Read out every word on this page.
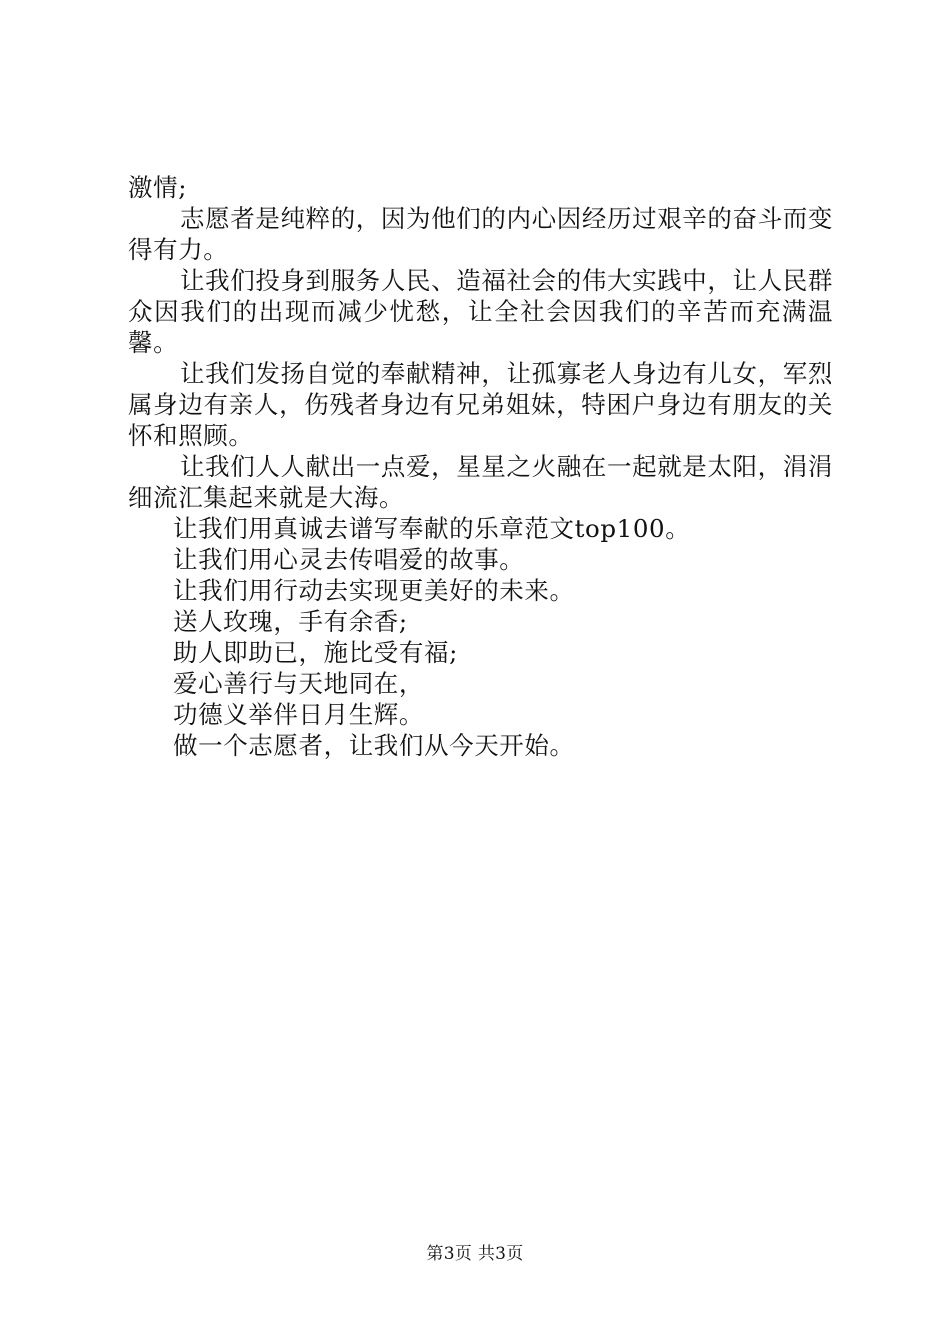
激情;

志愿者是纯粹的，因为他们的内心因经历过艰辛的奋斗而变得有力。

让我们投身到服务人民、造福社会的伟大实践中，让人民群众因我们的出现而减少忧愁，让全社会因我们的辛苦而充满温馨。

让我们发扬自觉的奉献精神，让孤寡老人身边有儿女，军烈属身边有亲人，伤残者身边有兄弟姐妹，特困户身边有朋友的关怀和照顾。

让我们人人献出一点爱，星星之火融在一起就是太阳，涓涓细流汇集起来就是大海。

让我们用真诚去谱写奉献的乐章范文top100。

让我们用心灵去传唱爱的故事。

让我们用行动去实现更美好的未来。

送人玫瑰，手有余香;

助人即助已，施比受有福;

爱心善行与天地同在，

功德义举伴日月生辉。

做一个志愿者，让我们从今天开始。

第3页 共3页
